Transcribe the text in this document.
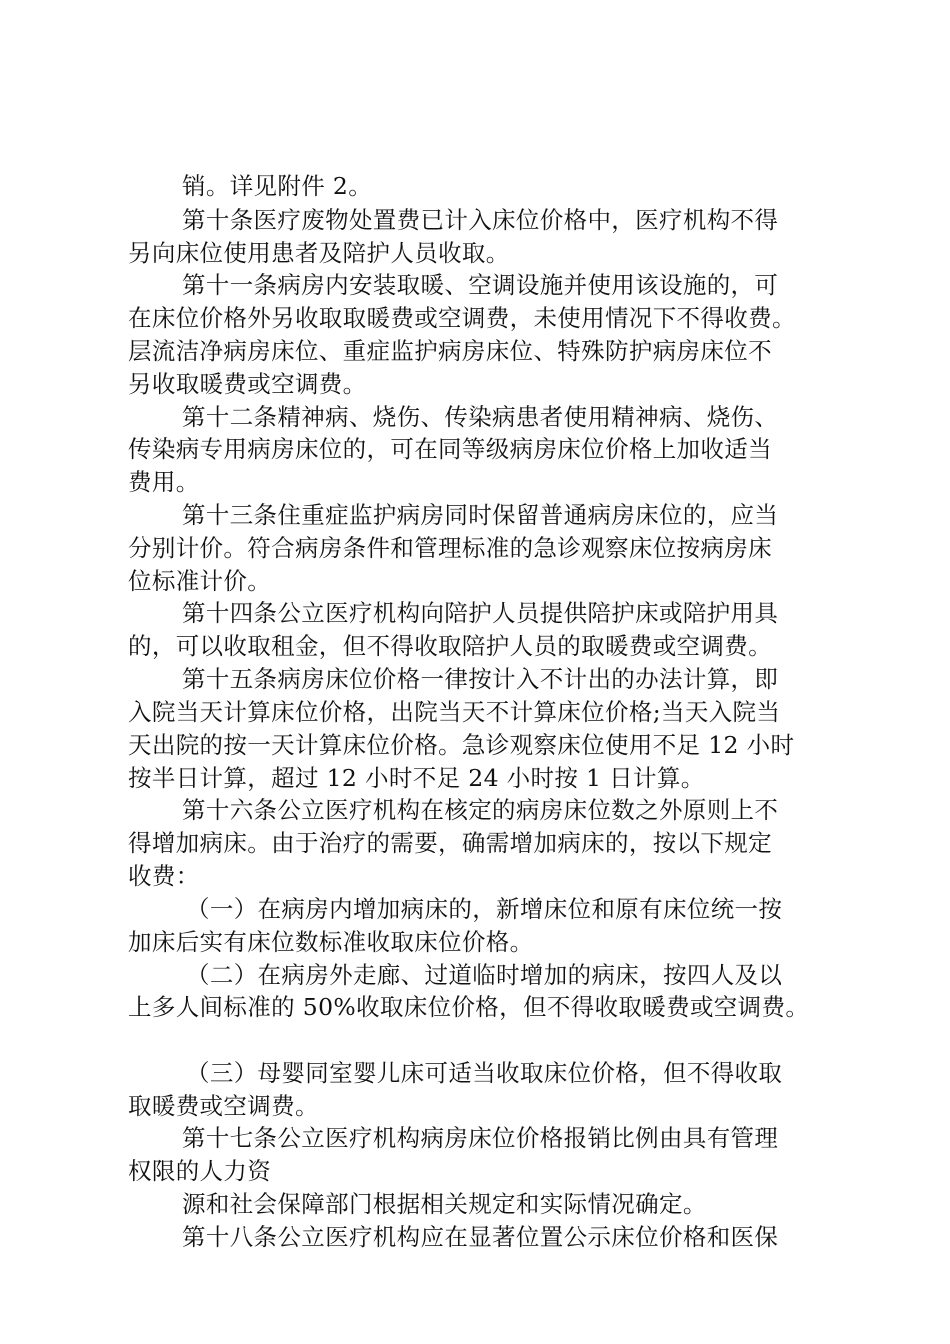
销。详见附件 2。
第十条医疗废物处置费已计入床位价格中，医疗机构不得
另向床位使用患者及陪护人员收取。
第十一条病房内安装取暖、空调设施并使用该设施的，可
在床位价格外另收取取暖费或空调费，未使用情况下不得收费。
层流洁净病房床位、重症监护病房床位、特殊防护病房床位不
另收取暖费或空调费。
第十二条精神病、烧伤、传染病患者使用精神病、烧伤、
传染病专用病房床位的，可在同等级病房床位价格上加收适当
费用。
第十三条住重症监护病房同时保留普通病房床位的，应当
分别计价。符合病房条件和管理标准的急诊观察床位按病房床
位标准计价。
第十四条公立医疗机构向陪护人员提供陪护床或陪护用具
的，可以收取租金，但不得收取陪护人员的取暖费或空调费。
第十五条病房床位价格一律按计入不计出的办法计算，即
入院当天计算床位价格，出院当天不计算床位价格;当天入院当
天出院的按一天计算床位价格。急诊观察床位使用不足 12 小时
按半日计算，超过 12 小时不足 24 小时按 1 日计算。
第十六条公立医疗机构在核定的病房床位数之外原则上不
得增加病床。由于治疗的需要，确需增加病床的，按以下规定
收费：
（一）在病房内增加病床的，新增床位和原有床位统一按
加床后实有床位数标准收取床位价格。
（二）在病房外走廊、过道临时增加的病床，按四人及以
上多人间标准的 50%收取床位价格，但不得收取暖费或空调费。
（三）母婴同室婴儿床可适当收取床位价格，但不得收取
取暖费或空调费。
第十七条公立医疗机构病房床位价格报销比例由具有管理
权限的人力资
源和社会保障部门根据相关规定和实际情况确定。
第十八条公立医疗机构应在显著位置公示床位价格和医保
